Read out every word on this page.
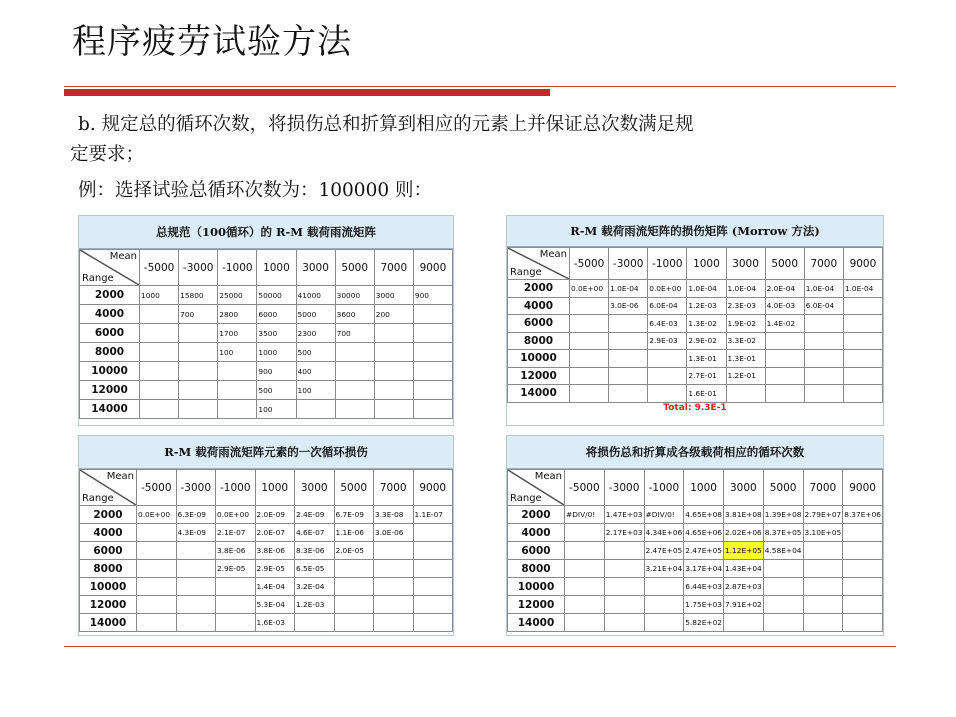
程序疲劳试验方法
b. 规定总的循环次数，将损伤总和折算到相应的元素上并保证总次数满足规
定要求；
例：选择试验总循环次数为：100000 则：
总规范（100循环）的 R-M 载荷雨流矩阵
Mean
Range	-5000	-3000	-1000	1000	3000	5000	7000	9000
2000	1000	15800	25000	50000	41000	30000	3000	900
4000		700	2800	6000	5000	3600	200	
6000			1700	3500	2300	700		
8000			100	1000	500			
10000				900	400			
12000				500	100			
14000				100				
R-M 载荷雨流矩阵的损伤矩阵 (Morrow 方法)
Mean
Range	-5000	-3000	-1000	1000	3000	5000	7000	9000
2000	0.0E+00	1.0E-04	0.0E+00	1.0E-04	1.0E-04	2.0E-04	1.0E-04	1.0E-04
4000		3.0E-06	6.0E-04	1.2E-03	2.3E-03	4.0E-03	6.0E-04	
6000			6.4E-03	1.3E-02	1.9E-02	1.4E-02		
8000			2.9E-03	2.9E-02	3.3E-02			
10000				1.3E-01	1.3E-01			
12000				2.7E-01	1.2E-01			
14000				1.6E-01				
Total: 9.3E-1
R-M 载荷雨流矩阵元素的一次循环损伤
Mean
Range	-5000	-3000	-1000	1000	3000	5000	7000	9000
2000	0.0E+00	6.3E-09	0.0E+00	2.0E-09	2.4E-09	6.7E-09	3.3E-08	1.1E-07
4000		4.3E-09	2.1E-07	2.0E-07	4.6E-07	1.1E-06	3.0E-06	
6000			3.8E-06	3.8E-06	8.3E-06	2.0E-05		
8000			2.9E-05	2.9E-05	6.5E-05			
10000				1.4E-04	3.2E-04			
12000				5.3E-04	1.2E-03			
14000				1.6E-03				
将损伤总和折算成各级载荷相应的循环次数
Mean
Range	-5000	-3000	-1000	1000	3000	5000	7000	9000
2000	#DIV/0!	1.47E+03	#DIV/0!	4.65E+08	3.81E+08	1.39E+08	2.79E+07	8.37E+06
4000		2.17E+03	4.34E+06	4.65E+06	2.02E+06	8.37E+05	3.10E+05	
6000			2.47E+05	2.47E+05	1.12E+05	4.58E+04		
8000			3.21E+04	3.17E+04	1.43E+04			
10000				6.44E+03	2.87E+03			
12000				1.75E+03	7.91E+02			
14000				5.82E+02				
